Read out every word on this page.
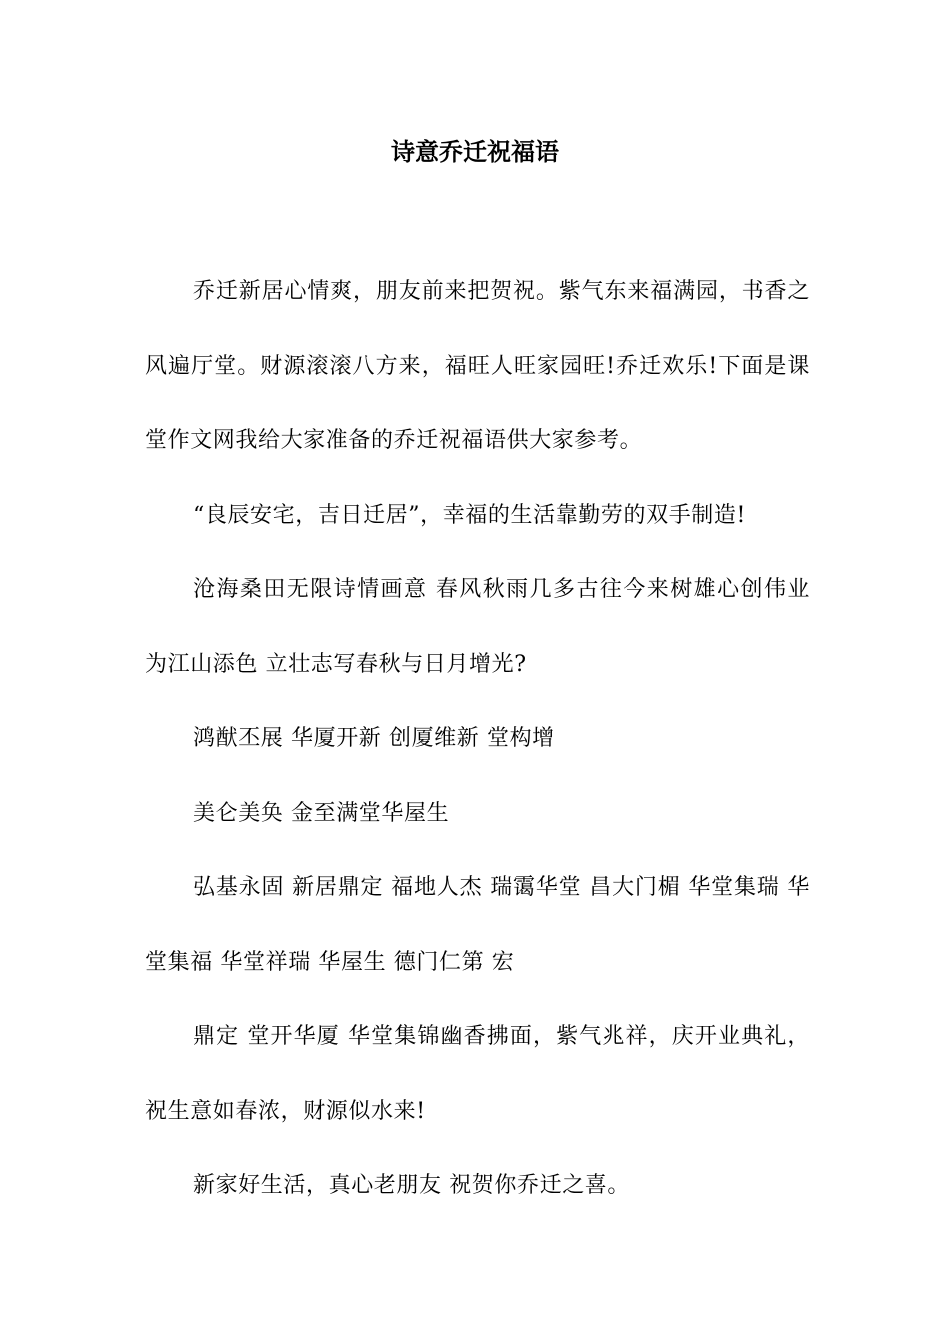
诗意乔迁祝福语

乔迁新居心情爽，朋友前来把贺祝。紫气东来福满园，书香之风遍厅堂。财源滚滚八方来，福旺人旺家园旺!乔迁欢乐!下面是课堂作文网我给大家准备的乔迁祝福语供大家参考。

“良辰安宅，吉日迁居”，幸福的生活靠勤劳的双手制造!

沧海桑田无限诗情画意 春风秋雨几多古往今来树雄心创伟业为江山添色 立壮志写春秋与日月增光?

鸿猷丕展 华厦开新 创厦维新 堂构增

美仑美奂 金至满堂华屋生

弘基永固 新居鼎定 福地人杰 瑞霭华堂 昌大门楣 华堂集瑞 华堂集福 华堂祥瑞 华屋生 德门仁第 宏

鼎定 堂开华厦 华堂集锦幽香拂面，紫气兆祥，庆开业典礼，祝生意如春浓，财源似水来!

新家好生活，真心老朋友 祝贺你乔迁之喜。
